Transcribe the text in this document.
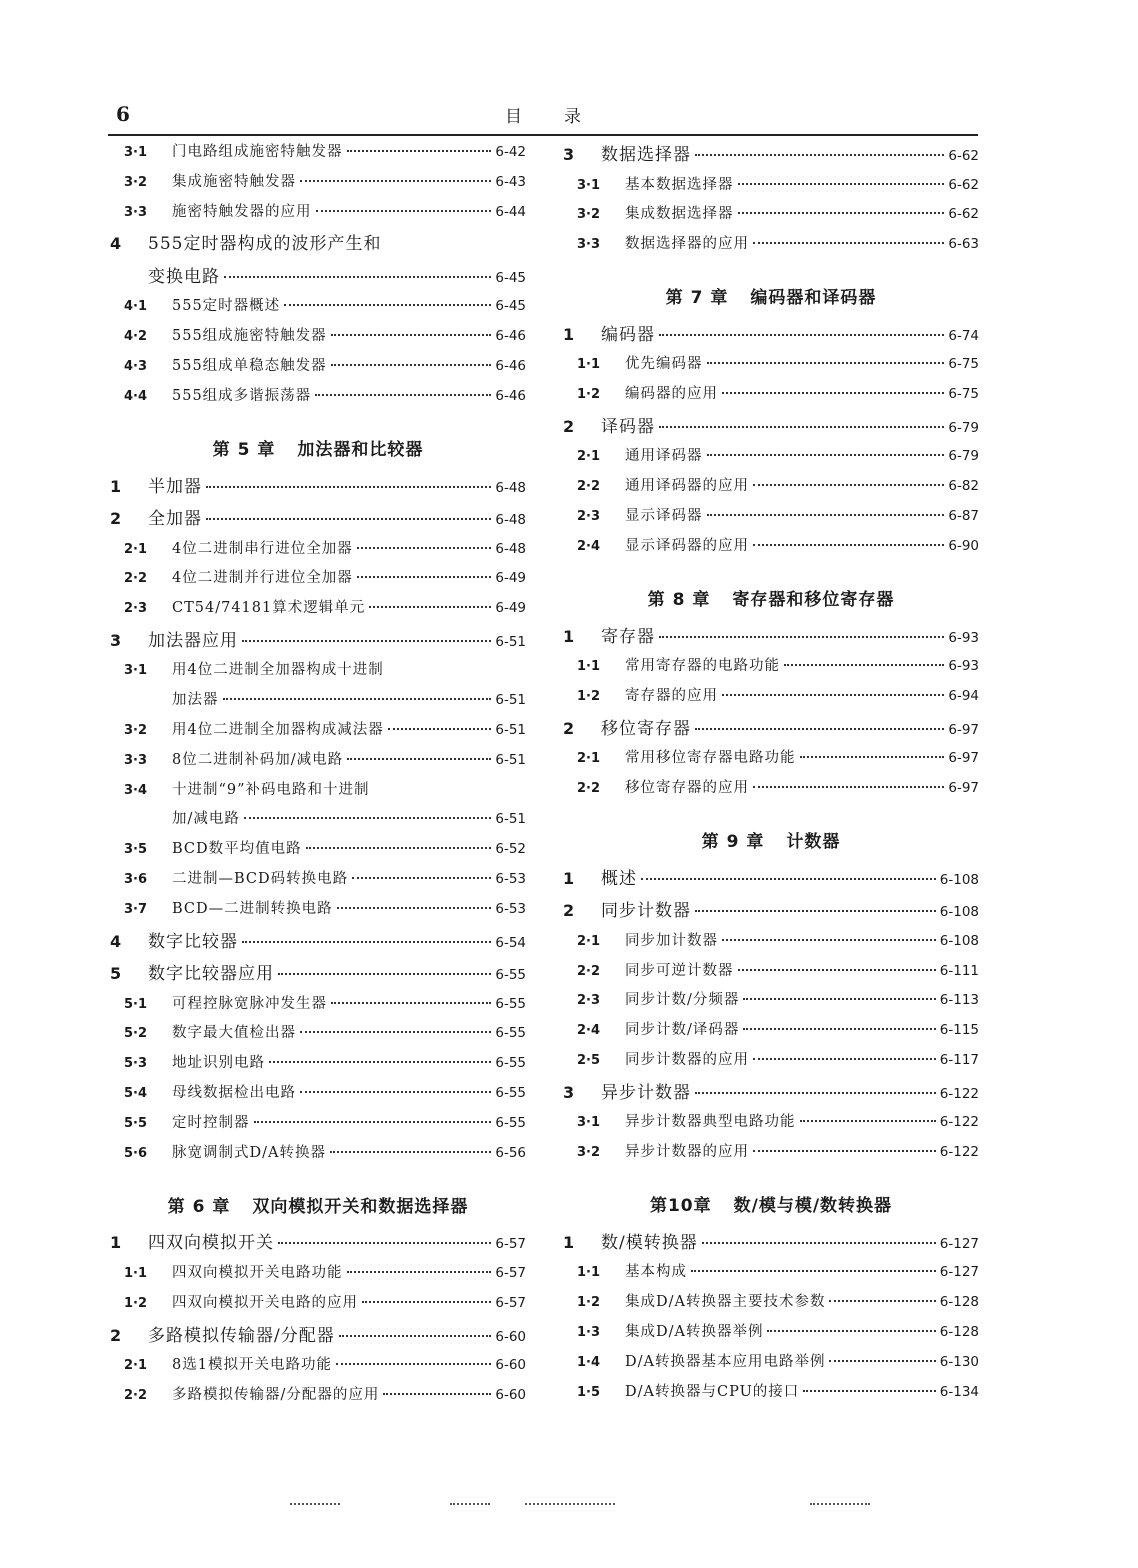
6	目录
3·1	门电路组成施密特触发器	6-42
3·2	集成施密特触发器	6-43
3·3	施密特触发器的应用	6-44
4	555定时器构成的波形产生和
变换电路	6-45
4·1	555定时器概述	6-45
4·2	555组成施密特触发器	6-46
4·3	555组成单稳态触发器	6-46
4·4	555组成多谐振荡器	6-46
第 5 章 加法器和比较器
1	半加器	6-48
2	全加器	6-48
2·1	4位二进制串行进位全加器	6-48
2·2	4位二进制并行进位全加器	6-49
2·3	CT54/74181算术逻辑单元	6-49
3	加法器应用	6-51
3·1	用4位二进制全加器构成十进制
加法器	6-51
3·2	用4位二进制全加器构成减法器	6-51
3·3	8位二进制补码加/减电路	6-51
3·4	十进制“9”补码电路和十进制
加/减电路	6-51
3·5	BCD数平均值电路	6-52
3·6	二进制—BCD码转换电路	6-53
3·7	BCD—二进制转换电路	6-53
4	数字比较器	6-54
5	数字比较器应用	6-55
5·1	可程控脉宽脉冲发生器	6-55
5·2	数字最大值检出器	6-55
5·3	地址识别电路	6-55
5·4	母线数据检出电路	6-55
5·5	定时控制器	6-55
5·6	脉宽调制式D/A转换器	6-56
第 6 章 双向模拟开关和数据选择器
1	四双向模拟开关	6-57
1·1	四双向模拟开关电路功能	6-57
1·2	四双向模拟开关电路的应用	6-57
2	多路模拟传输器/分配器	6-60
2·1	8选1模拟开关电路功能	6-60
2·2	多路模拟传输器/分配器的应用	6-60
3	数据选择器	6-62
3·1	基本数据选择器	6-62
3·2	集成数据选择器	6-62
3·3	数据选择器的应用	6-63
第 7 章 编码器和译码器
1	编码器	6-74
1·1	优先编码器	6-75
1·2	编码器的应用	6-75
2	译码器	6-79
2·1	通用译码器	6-79
2·2	通用译码器的应用	6-82
2·3	显示译码器	6-87
2·4	显示译码器的应用	6-90
第 8 章 寄存器和移位寄存器
1	寄存器	6-93
1·1	常用寄存器的电路功能	6-93
1·2	寄存器的应用	6-94
2	移位寄存器	6-97
2·1	常用移位寄存器电路功能	6-97
2·2	移位寄存器的应用	6-97
第 9 章 计数器
1	概述	6-108
2	同步计数器	6-108
2·1	同步加计数器	6-108
2·2	同步可逆计数器	6-111
2·3	同步计数/分频器	6-113
2·4	同步计数/译码器	6-115
2·5	同步计数器的应用	6-117
3	异步计数器	6-122
3·1	异步计数器典型电路功能	6-122
3·2	异步计数器的应用	6-122
第10章 数/模与模/数转换器
1	数/模转换器	6-127
1·1	基本构成	6-127
1·2	集成D/A转换器主要技术参数	6-128
1·3	集成D/A转换器举例	6-128
1·4	D/A转换器基本应用电路举例	6-130
1·5	D/A转换器与CPU的接口	6-134
